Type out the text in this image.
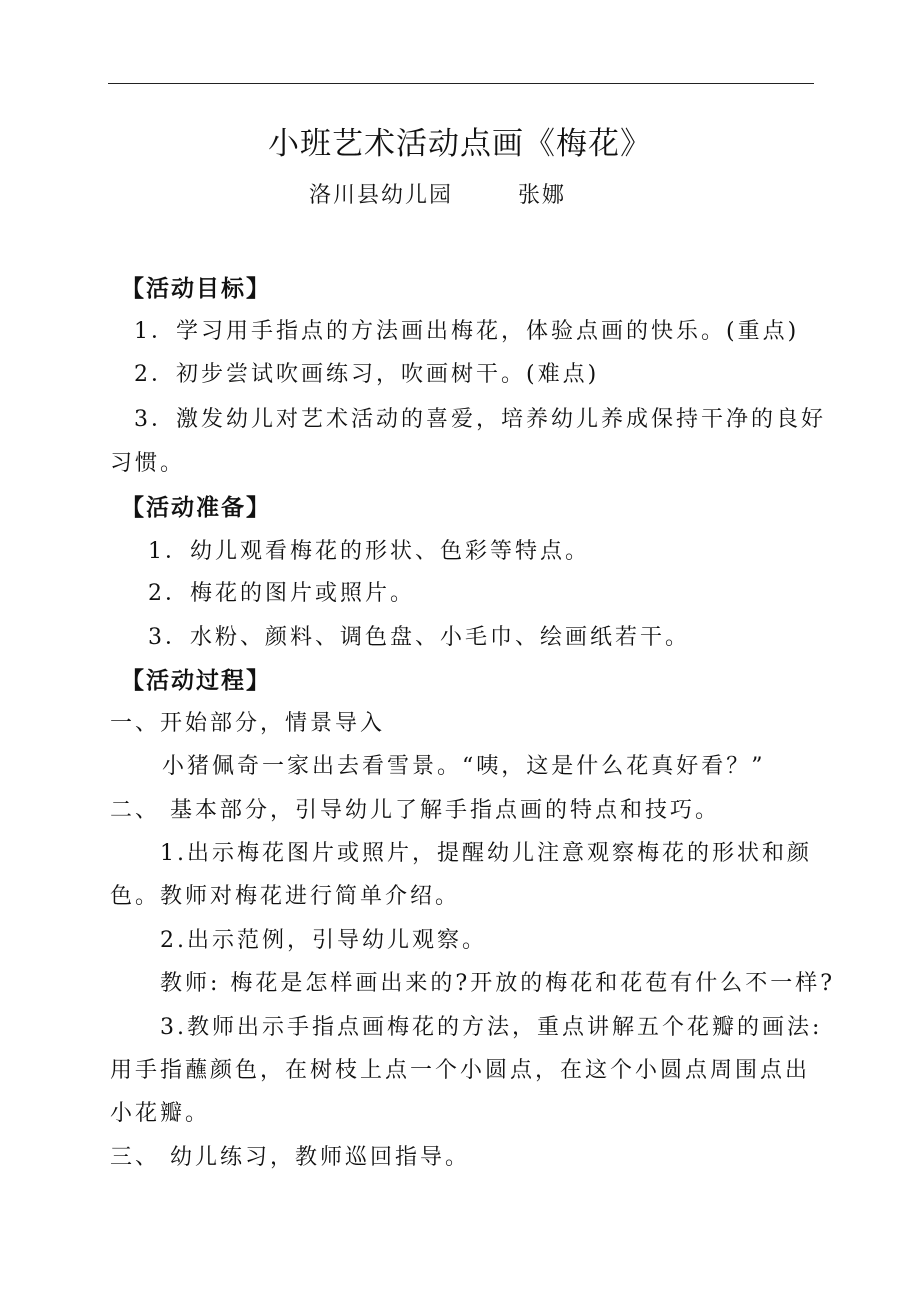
小班艺术活动点画《梅花》
洛川县幼儿园	张娜
【活动目标】
1．学习用手指点的方法画出梅花，体验点画的快乐。(重点)
2．初步尝试吹画练习，吹画树干。(难点)
3．激发幼儿对艺术活动的喜爱，培养幼儿养成保持干净的良好
习惯。
【活动准备】
1．幼儿观看梅花的形状、色彩等特点。
2．梅花的图片或照片。
3．水粉、颜料、调色盘、小毛巾、绘画纸若干。
【活动过程】
一、开始部分，情景导入
小猪佩奇一家出去看雪景。“咦，这是什么花真好看？”
二、 基本部分，引导幼儿了解手指点画的特点和技巧。
1.出示梅花图片或照片，提醒幼儿注意观察梅花的形状和颜
色。教师对梅花进行简单介绍。
2.出示范例，引导幼儿观察。
教师: 梅花是怎样画出来的?开放的梅花和花苞有什么不一样?
3.教师出示手指点画梅花的方法，重点讲解五个花瓣的画法:
用手指蘸颜色，在树枝上点一个小圆点，在这个小圆点周围点出
小花瓣。
三、 幼儿练习，教师巡回指导。
